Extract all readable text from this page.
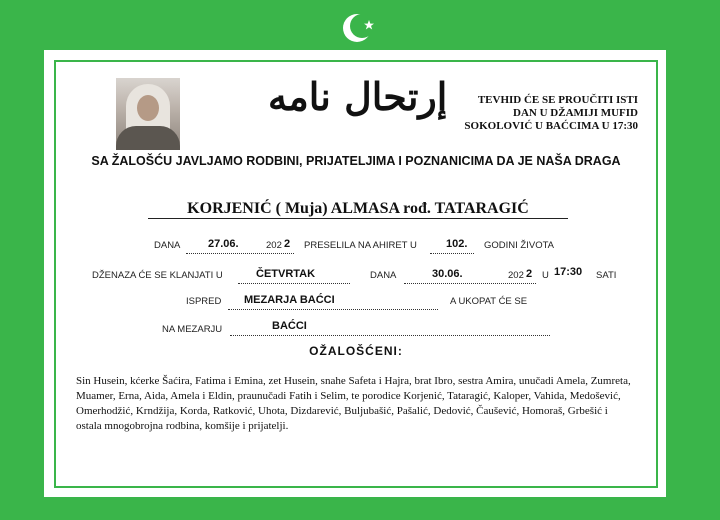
إرتحال نامه	TEVHID ĆE SE PROUČITI ISTI
DAN U DŽAMIJI MUFID
SOKOLOVIĆ U BAĆCIMA U 17:30
SA ŽALOŠĆU JAVLJAMO RODBINI, PRIJATELJIMA I POZNANICIMA DA JE NAŠA DRAGA
KORJENIĆ ( Muja) ALMASA rođ. TATARAGIĆ
DANA	27.06.	202 2 PRESELILA NA AHIRET U	102. GODINI ŽIVOTA
DŽENAZA ĆE SE KLANJATI U	ČETVRTAK	DANA	30.06.	202 2 U 17:30 SATI
ISPRED MEZARJA BAĆCI	A UKOPAT ĆE SE
NA MEZARJU	BAĆCI
OŽALOŠĆENI:
Sin Husein, kćerke Šaćira, Fatima i Emina, zet Husein, snahe Safeta i Hajra, brat Ibro, sestra Amira, unučadi Amela, Zumreta, Muamer, Erna, Aida, Amela i Eldin, praunučadi Fatih i Selim, te porodice Korjenić, Tataragić, Kaloper, Vahida, Medošević, Omerhodžić, Krndžija, Korda, Ratković, Uhota, Dizdarević, Buljubašić, Pašalić, Dedović, Čaušević, Homoraš, Grbešić i ostala mnogobrojna rodbina, komšije i prijatelji.
